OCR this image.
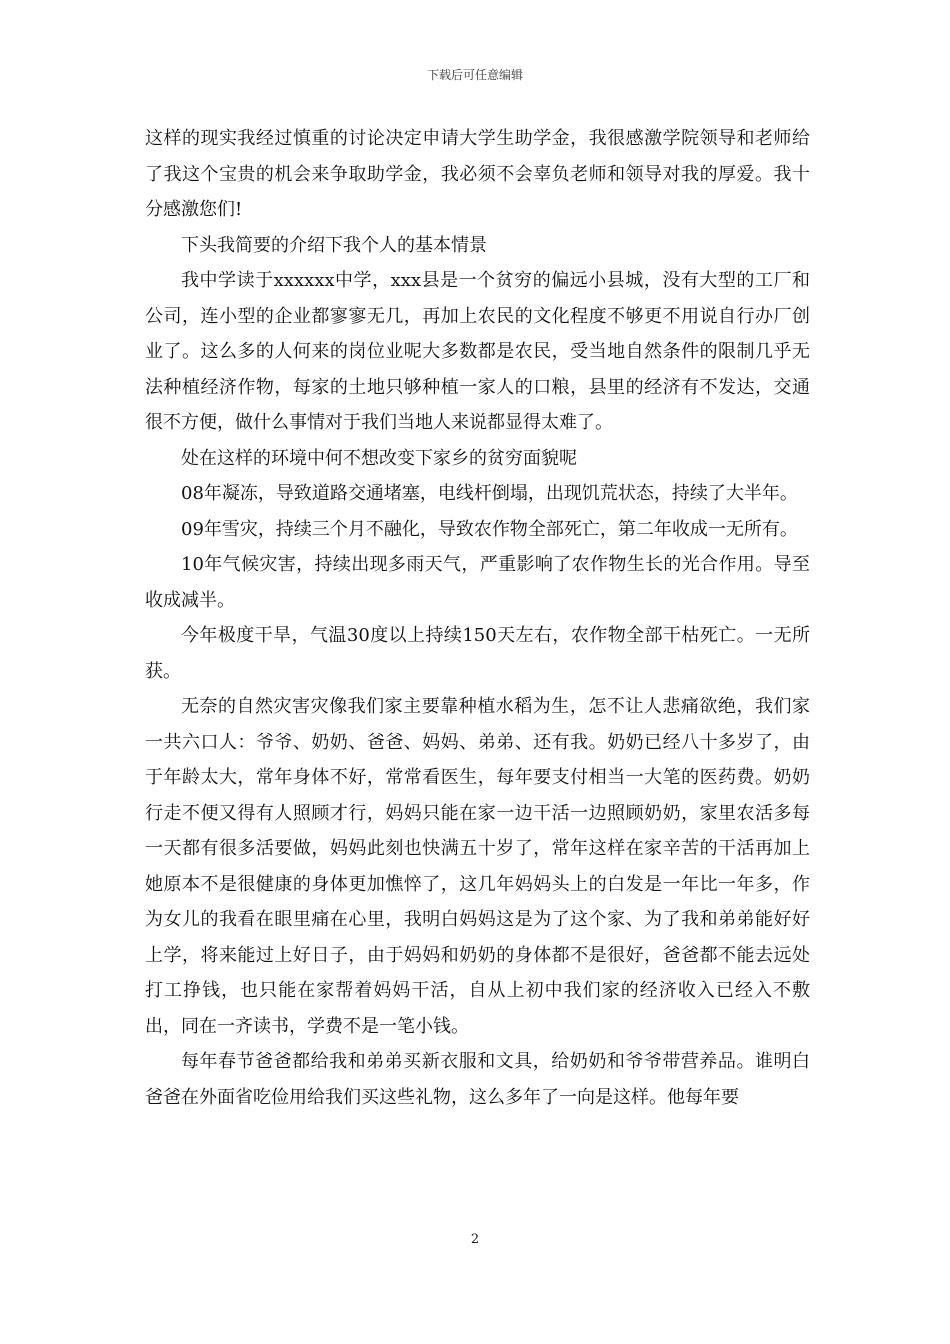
下载后可任意编辑

这样的现实我经过慎重的讨论决定申请大学生助学金，我很感激学院领导和老师给了我这个宝贵的机会来争取助学金，我必须不会辜负老师和领导对我的厚爱。我十分感激您们!

下头我简要的介绍下我个人的基本情景

我中学读于xxxxxx中学，xxx县是一个贫穷的偏远小县城，没有大型的工厂和公司，连小型的企业都寥寥无几，再加上农民的文化程度不够更不用说自行办厂创业了。这么多的人何来的岗位业呢大多数都是农民，受当地自然条件的限制几乎无法种植经济作物，每家的土地只够种植一家人的口粮，县里的经济有不发达，交通很不方便，做什么事情对于我们当地人来说都显得太难了。

处在这样的环境中何不想改变下家乡的贫穷面貌呢

08年凝冻，导致道路交通堵塞，电线杆倒塌，出现饥荒状态，持续了大半年。

09年雪灾，持续三个月不融化，导致农作物全部死亡，第二年收成一无所有。

10年气候灾害，持续出现多雨天气，严重影响了农作物生长的光合作用。导至收成减半。

今年极度干旱，气温30度以上持续150天左右，农作物全部干枯死亡。一无所获。

无奈的自然灾害灾像我们家主要靠种植水稻为生，怎不让人悲痛欲绝，我们家一共六口人：爷爷、奶奶、爸爸、妈妈、弟弟、还有我。奶奶已经八十多岁了，由于年龄太大，常年身体不好，常常看医生，每年要支付相当一大笔的医药费。奶奶行走不便又得有人照顾才行，妈妈只能在家一边干活一边照顾奶奶，家里农活多每一天都有很多活要做，妈妈此刻也快满五十岁了，常年这样在家辛苦的干活再加上她原本不是很健康的身体更加憔悴了，这几年妈妈头上的白发是一年比一年多，作为女儿的我看在眼里痛在心里，我明白妈妈这是为了这个家、为了我和弟弟能好好上学，将来能过上好日子，由于妈妈和奶奶的身体都不是很好，爸爸都不能去远处打工挣钱，也只能在家帮着妈妈干活，自从上初中我们家的经济收入已经入不敷出，同在一齐读书，学费不是一笔小钱。

每年春节爸爸都给我和弟弟买新衣服和文具，给奶奶和爷爷带营养品。谁明白爸爸在外面省吃俭用给我们买这些礼物，这么多年了一向是这样。他每年要

2
